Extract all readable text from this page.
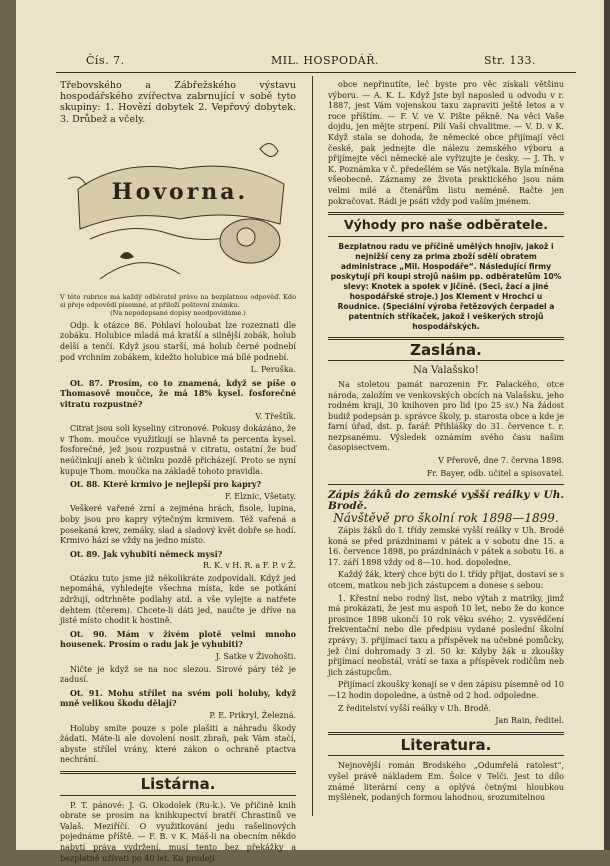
Čís. 7.	MIL. HOSPODÁŘ.	Str. 133.

Třebovského a Zábřežského výstavu hospodářského zvířectva zabrnující v sobě tyto skupiny: 1. Hovězí dobytek 2. Vepřový dobytek. 3. Drůbež a včely.

Hovorna.

V této rubrice má každý odběratel právo na bezplatnou odpověď. Kdo si přeje odpovědí písemné, at přiloží poštovní známku.
(Na nepodepsané dopisy neodpovídáme.)

Odp. k otázce 86. Pohlaví holoubat lze rozeznati dle zobáku. Holubice mladá má kratší a silnější zobák, holub delší a tenčí. Když jsou starší, má holub černé podnebí pod vrchním zobákem, kdežto holubice má bílé podnebí.

L. Peruška.

Ot. 87. Prosím, co to znamená, když se píše o Thomasově moučce, že má 18% kysel. fosforečné vitratu rozpustné?

V. Třeštík.

Citrat jsou soli kyseliny citronové. Pokusy dokázáno, že v Thom. moučce využitkují se hlavně ta percenta kysel. fosforečné, jež jsou rozpustná v citratu, ostatní že buď neúčinkují aneb k účinku pozdě přicházejí. Proto se nyní kupuje Thom. moučka na základě tohoto pravidla.

Ot. 88. Které krmivo je nejlepší pro kapry?

F. Elznic, Všetaty.

Veškeré vařené zrní a zejména hrách, fisole, lupina, boby jsou pro kapry výtečným krmivem. Též vařená a posekaná krev, zemáky, slad a sladový květ dobře se hodí. Krmivo hází se vždy na jedno místo.

Ot. 89. Jak vyhubiti německ mysi?

R. K. v H. R. a F. P. v Ž.

Otázku tuto jsme již několikráte zodpovídali. Když jed nepomáhá, vyhledejte všechna místa, kde se potkání zdržují, odtrhněte podlahy atd. a vše vylejte a natřete dehtem (tčerem). Chcete-li dáti jed, naučte je dříve na jisté místo chodit k hostině.

Ot. 90. Mám v živém plotě velmi mnoho housenek. Prosím o radu jak je vyhubiti?

J. Satke v Živohošti.

Ničte je když se na noc slezou. Sirové páry též je zadusí.

Ot. 91. Mohu střílet na svém poli holuby, když mně velikou škodu dělají?

P. E. Prikryl, Železná.

Holuby smíte pouze s pole plašiti a náhradu škody žádati. Máte-li ale dovolení nosit zbraň, pak Vám stačí, abyste střílel vrány, které zákon o ochraně ptactva nechrání.

Listárna.

P. T. pánové: J. G. Okodolek (Ru-k.). Ve přičině knih obrate se prosím na knihkupectví bratří Chrastinů ve Valaš. Meziříčí. O využitkování jedu rašelinových pojednáme příště. — F. B. v K. Máš-li na obecním někdo nabytí práva vydržení, musí tento bez překážky a bezplatně užívati po 40 let. Ku prodeji

obce nepřinutíte, leč byste pro věc získali většinu výboru. — A. K. L. Když Jste byl naposled u odvodu v r. 1887, jest Vám vojenskou taxu zapraviti ještě letos a v roce příštím. — F. V. ve V. Pište pěkně. Na věci Vaše dojdu, jen mějte strpení. Pilí Vaší chvalitme. — V. D. v K. Když stala se dohoda, že německé obce přijímají věci české, pak jednejte dle nálezu zemského výboru a přijímejte věci německé ale vyřizujte je česky. — J. Th. v K. Poznámka v č. předešlém se Vás netýkala. Byla míněna všeobecně. Záznamy ze života praktického jsou nám velmi milé a čtenářům listu neméně. Račte jen pokračovat. Rádi je psáti vždy pod vaším jménem.

Výhody pro naše odběratele.

Bezplatnou radu ve příčině umělých hnojiv, jakož i nejnižší ceny za prima zboží sdělí obratem administrace „Mil. Hospodáře“. Následující firmy poskytují při koupi strojů našim pp. odběratelům 10% slevy: Knotek a spolek v Jičíně. (Seci, žací a jiné hospodářské stroje.) Jos Klement v Hrochci u Roudnice. (Speciální výroba řetězových čerpadel a patentních stříkaček, jakož i veškerých strojů hospodářských.

Zaslána.
Na Valašsko!

Na stoletou památ narozenin Fr. Palackého, otce národa, založím ve venkovských obcích na Valašsku, jeho rodném kraji, 30 knihoven pro lid (po 25 sv.) Na žádost budiž podepsán p. správce školy, p. starosta obce a kde je farní úřad, dst. p. farář. Přihlášky do 31. července t. r. nezpsanému. Výsledek oznámím svého času našim časopisectvem.

V Přerově, dne 7. června 1898.

Fr. Bayer, odb. učitel a spisovatel.

Zápis žáků do zemské vyšší reálky v Uh. Brodě.

Návštěvě pro školní rok 1898—1899.

Zápis žáků do I. třídy zemské vyšší reálky v Uh. Brodě koná se před prázdninami v pátek a v sobotu dne 15. a 16. července 1898, po prázdninách v pátek a sobotu 16. a 17. září 1898 vždy od 8—10. hod. dopoledne.

Každý žák, který chce býti do I. třídy přijat, dostaví se s otcem, matkou neb jich zástupcem a donese s sebou:

1. Křestní nebo rodný list, nebo výtah z matriky, jimž má prokázati, že jest mu aspoň 10 let, nebo že do konce prosince 1898 ukončí 10 rok věku svého; 2. vysvědčení frekventační nebo dle předpisu vydané poslední školní zprávy; 3. přijímací taxu a příspěvek na učebné pomůcky, jež činí dohromady 3 zl. 50 kr. Kdyby žák u zkoušky přijímací neobstál, vrátí se taxa a příspěvek rodičům neb jich zástupcům.

Přijímací zkoušky konají se v den zápisu písemně od 10—12 hodin dopoledne, a ústně od 2 hod. odpoledne.

Z ředitelství vyšší reálky v Uh. Brodě.

Jan Rain, ředitel.

Literatura.

Nejnovější román Brodského „Odumřelá ratolest“, vyšel právě nákladem Em. Šolce v Telči. Jest to dílo známé literární ceny a oplývá četnými hloubkou myšlének, podaných formou lahodnou, srozumitelnou
